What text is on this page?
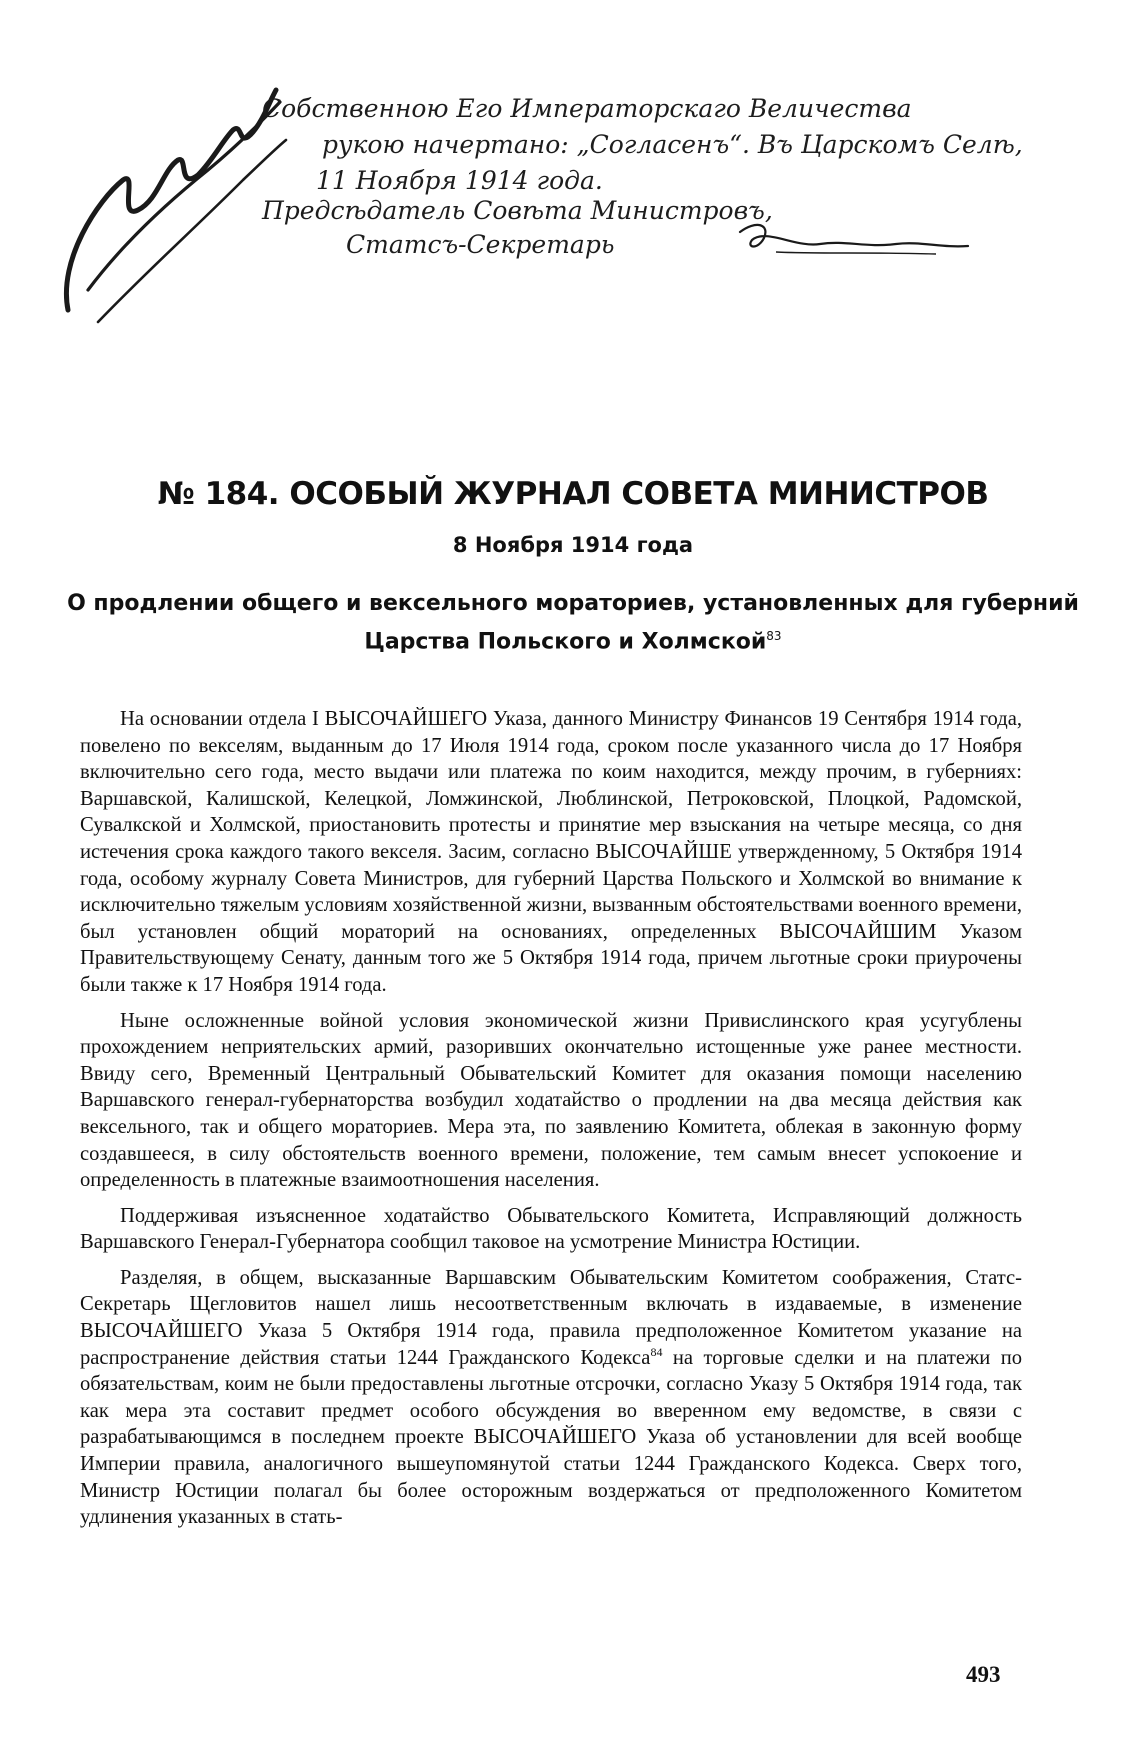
Собственною Его Императорскаго Величества
рукою начертано: „Согласенъ“. Въ Царскомъ Селѣ,
11 Ноября 1914 года.
Предсѣдатель Совѣта Министровъ,
Статсъ-Секретарь
№ 184. ОСОБЫЙ ЖУРНАЛ СОВЕТА МИНИСТРОВ
8 Ноября 1914 года
О продлении общего и вексельного мораториев, установленных для губерний
Царства Польского и Холмской$^{83}$

На основании отдела I ВЫСОЧАЙШЕГО Указа, данного Министру Финансов 19 Сентября 1914 года, повелено по векселям, выданным до 17 Июля 1914 года, сроком после указанного числа до 17 Ноября включительно сего года, место выдачи или платежа по коим находится, между прочим, в губерниях: Варшавской, Калишской, Келецкой, Ломжинской, Люблинской, Петроковской, Плоцкой, Радомской, Сувалкской и Холмской, приостановить протесты и принятие мер взыскания на четыре месяца, со дня истечения срока каждого такого векселя. Засим, согласно ВЫСОЧАЙШЕ утвержденному, 5 Октября 1914 года, особому журналу Совета Министров, для губерний Царства Польского и Холмской во внимание к исключительно тяжелым условиям хозяйственной жизни, вызванным обстоятельствами военного времени, был установлен общий мораторий на основаниях, определенных ВЫСОЧАЙШИМ Указом Правительствующему Сенату, данным того же 5 Октября 1914 года, причем льготные сроки приурочены были также к 17 Ноября 1914 года.

Ныне осложненные войной условия экономической жизни Привислинского края усугублены прохождением неприятельских армий, разоривших окончательно истощенные уже ранее местности. Ввиду сего, Временный Центральный Обывательский Комитет для оказания помощи населению Варшавского генерал-губернаторства возбудил ходатайство о продлении на два месяца действия как вексельного, так и общего мораториев. Мера эта, по заявлению Комитета, облекая в законную форму создавшееся, в силу обстоятельств военного времени, положение, тем самым внесет успокоение и определенность в платежные взаимоотношения населения.

Поддерживая изъясненное ходатайство Обывательского Комитета, Исправляющий должность Варшавского Генерал-Губернатора сообщил таковое на усмотрение Министра Юстиции.

Разделяя, в общем, высказанные Варшавским Обывательским Комитетом соображения, Статс-Секретарь Щегловитов нашел лишь несоответственным включать в издаваемые, в изменение ВЫСОЧАЙШЕГО Указа 5 Октября 1914 года, правила предположенное Комитетом указание на распространение действия статьи 1244 Гражданского Кодекса$^{84}$ на торговые сделки и на платежи по обязательствам, коим не были предоставлены льготные отсрочки, согласно Указу 5 Октября 1914 года, так как мера эта составит предмет особого обсуждения во вверенном ему ведомстве, в связи с разрабатывающимся в последнем проекте ВЫСОЧАЙШЕГО Указа об установлении для всей вообще Империи правила, аналогичного вышеупомянутой статьи 1244 Гражданского Кодекса. Сверх того, Министр Юстиции полагал бы более осторожным воздержаться от предположенного Комитетом удлинения указанных в стать-

493
